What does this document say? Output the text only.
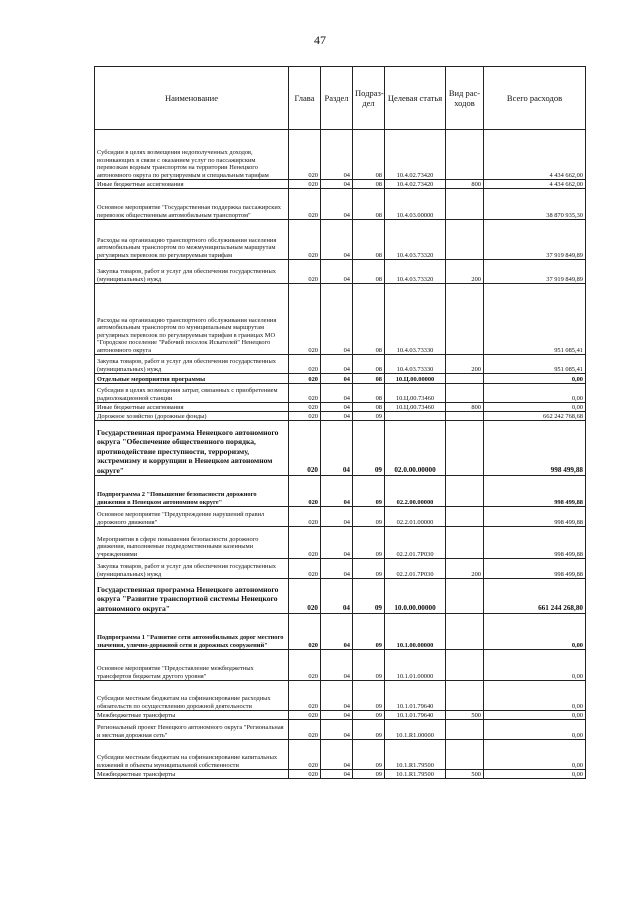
47
Наименование	Глава	Раздел	Подраз-дел	Целевая статья	Вид рас-ходов	Всего расходов
Субсидии в целях возмещения недополученных доходов, возникающих в связи с оказанием услуг по пассажирским перевозкам водным транспортом на территории Ненецкого автономного округа по регулируемым и специальным тарифам	020	04	08	10.4.02.73420		4 434 662,00
Иные бюджетные ассигнования	020	04	08	10.4.02.73420	800	4 434 662,00
Основное мероприятие "Государственная поддержка пассажирских перевозок общественным автомобильным транспортом"	020	04	08	10.4.03.00000		38 870 935,30
Расходы на организацию транспортного обслуживания населения автомобильным транспортом по межмуниципальным маршрутам регулярных перевозок по регулируемым тарифам	020	04	08	10.4.03.73320		37 919 849,89
Закупка товаров, работ и услуг для обеспечения государственных (муниципальных) нужд	020	04	08	10.4.03.73320	200	37 919 849,89
Расходы на организацию транспортного обслуживания населения автомобильным транспортом по муниципальным маршрутам регулярных перевозок по регулируемым тарифам в границах МО "Городское поселение "Рабочий поселок Искателей" Ненецкого автономного округа	020	04	08	10.4.03.73330		951 085,41
Закупка товаров, работ и услуг для обеспечения государственных (муниципальных) нужд	020	04	08	10.4.03.73330	200	951 085,41
Отдельные мероприятия программы	020	04	08	10.Ц.00.00000		0,00
Субсидии в целях возмещения затрат, связанных с приобретением радиолокационной станции	020	04	08	10.Ц.00.73460		0,00
Иные бюджетные ассигнования	020	04	08	10.Ц.00.73460	800	0,00
Дорожное хозяйство (дорожные фонды)	020	04	09			662 242 768,68
Государственная программа Ненецкого автономного округа "Обеспечение общественного порядка, противодействие преступности, терроризму, экстремизму и коррупции в Ненецком автономном округе"	020	04	09	02.0.00.00000		998 499,88
Подпрограмма 2 "Повышение безопасности дорожного движения в Ненецком автономном округе"	020	04	09	02.2.00.00000		998 499,88
Основное мероприятие "Предупреждение нарушений правил дорожного движения"	020	04	09	02.2.01.00000		998 499,88
Мероприятия в сфере повышения безопасности дорожного движения, выполняемые подведомственными казенными учреждениями	020	04	09	02.2.01.7Р030		998 499,88
Закупка товаров, работ и услуг для обеспечения государственных (муниципальных) нужд	020	04	09	02.2.01.7Р030	200	998 499,88
Государственная программа Ненецкого автономного округа "Развитие транспортной системы Ненецкого автономного округа"	020	04	09	10.0.00.00000		661 244 268,80
Подпрограмма 1 "Развитие сети автомобильных дорог местного значения, улично-дорожной сети и дорожных сооружений"	020	04	09	10.1.00.00000		0,00
Основное мероприятие "Предоставление межбюджетных трансфертов бюджетам другого уровня"	020	04	09	10.1.01.00000		0,00
Субсидии местным бюджетам на софинансирование расходных обязательств по осуществлению дорожной деятельности	020	04	09	10.1.01.79640		0,00
Межбюджетные трансферты	020	04	09	10.1.01.79640	500	0,00
Региональный проект Ненецкого автономного округа "Региональная и местная дорожная сеть"	020	04	09	10.1.R1.00000		0,00
Субсидии местным бюджетам на софинансирование капитальных вложений в объекты муниципальной собственности	020	04	09	10.1.R1.79500		0,00
Межбюджетные трансферты	020	04	09	10.1.R1.79500	500	0,00
